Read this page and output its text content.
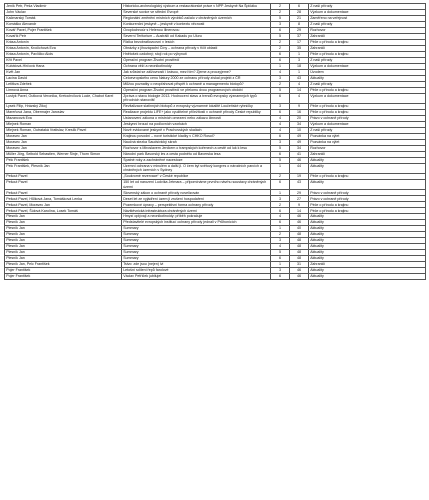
Jeník Petr, Peša Vladimír	Historicko-archeologický výzkum a restaurátorské práce v NPP Jeskyně Na Špičáku	2	6	Z naší přírody
John Václav	Severské sovice ve střední Evropě	2	28	Výzkum a dokumentace
Kačmarský Tomáš	Regionální změnění místních výrobků začalo v chráněných územích	5	21	Zaměřeno na veřejnost
Komáško Alexandr	Konkurenční jeskyně – jeskyně v kontextu věcnosti	3	8	Z naší přírody
Kovář Pavel, Pojer František	Ovoplochnoúr s Helenou Illnerovou	6	29	Rozhovor
Kovařík Petr	Severní Teritorium – Austrálií od Kakadu po Uluru	5	37	Zahraničí
Krása Antonín	Rizika bezobratlovcovní v lesích	2	17	Péče o přírodu a krajinu
Krása Antonín, Kročichová Eva	Obrázky z jihozápadní Číny – ochrana přírody v říčit oblasti	2	35	Zahraničí
Krása Antonín, Pavlíčko Alois	Hnětošek ozdobný; stojí rok po výhynutí	6	1	Péče o přírodu a krajinu
Křít Pavel	Operační program Životní prostředí	6	3	Z naší přírody
Kubátová-Hirčová Hana	Ochrana věží a neonikotinoidy	1	18	Výzkum a dokumentace
Květ Jan	Jak srůstat se zálžovností i krásou, mezi tím? Zjeme a proczyjeme?	4	1	Úvodem
Lacina David	Celoevropského cenu Natury 2000 ze ochranu přírody získal projekt z ČR	3	43	Aktuality
Letitkva Zdeňek	Můžou poznatky o neopřahovat přispět k ochraně a managementu biotopů?	2	4	Z naší přírody
Limrová Anna	Operační program Životní prostředí ve přelomu dvou programových období	5	14	Péče o přírodu a krajinu
Lustyk Pavel, Outková Veronika, Kretochvílová Lucie, Chabot Karel	Zpráva o stavu biologie 2013. Hodnocení stavu a trendů evropsky významných typů přírodních stanovišť	6	4	Výzkum a dokumentace
Lysek Filip, Hrázský Zikoj	Revitalizace slatinných biotopů z evropsky významné lokalitě Loučeňské rybníčky	3	9	Péče o přírodu a krajinu
Mareňová Jana, Obermajer Jaroslav	Realizace projektu LIFE+ jako využitelné příležitosti v ochraně přírody České republiky	6	16	Péče o přírodu a krajinu
Mazancová Eva	Ustanovení zákona o místních omezení nebo zákazu činnosti	4	20	Právo v ochraně přírody
Mlejnek Roman	Jeskynní brouci na podlovních vzorkách	4	34	Výzkum a dokumentace
Mlejnek Roman, Outrataká Vratislav, Kreslík Pavel	Nově evidované jeskyně v Prachovských skalách	4	10	Z naší přírody
Moravec Jan	Krajinou povodní – nové turistické kladky v CHKO Rosol?	6	49	Pozvánka na výlet
Moravec Jan	Naučná stezka Saudsivický skrah	3	49	Pozvánka na výlet
Moravec Jan	Rozhovor s Miroslavem Jeníkem o trampských kořenech a cestě od luk k lesu	5	34	Rozhovor
Müller Jörg, Seibold Sebastien, Werner Šinje, Thorn Simon	Národní park Bavorský les a cesta podnětu od Baverska lesa	6	41	Zahraničí
Pelc František	Spatné roky a zachráněné nacestoze	5	46	Aktuality
Pelc František, Plesník Jan	Územní ochrana v minulém a další ji. O čem byl světový kongres o národních parcích a chráněných územích v Sydney	1	44	Aktuality
Pešout Pavel	„Soukromé rezervace“ v České republice	2	19	Péče o přírodu a krajinu
Pešout Pavel	150 let od narození Ludvíka Jetmara – připomínáme prvního návrhu soustavy chráněných území	6	43	Aktuality
Pešout Pavel	Slovenský zákon o ochraně přírody novelizován	1	29	Právo v ochraně přírody
Pešout Pavel, Hůlková Jana, Tomášková Lenka	Deset let ze vyjádření územ ji zrušení hospodaření	3	27	Právo v ochraně přírody
Pešout Pavel, Moravec Jan	Pozemkové úpravy – perspektivní forma ochrany přírody	2	9	Péče o přírodu a krajinu
Pešout Pavel, Šúlová Karolína, Losek Tomáš	Návštěvnická infrastruktura chráněných území	6	14	Péče o přírodu a krajinu
Plesník Jan	Hmyzí oplývají a neonikotinoidy: příběh pokračuje	4	46	Aktuality
Plesník Jan	Představitelé evropských institucí ochrany přírody jednali v Průhonicích	6	46	Aktuality
Plesník Jan	Summary	1	40	Aktuality
Plesník Jan	Summary	2	48	Aktuality
Plesník Jan	Summary	3	48	Aktuality
Plesník Jan	Summary	4	48	Aktuality
Plesník Jan	Summary	5	48	Aktuality
Plesník Jan	Summary	6	48	Aktuality
Plesník Jan, Pelc František	Tsivo: zde jsou (nejen) lvi	1	31	Zahraničí
Pojer František	Letošní sdílení řepů farolové	3	46	Aktuality
Pojer František	Václav Petříček jubiluje!	6	46	Aktuality
